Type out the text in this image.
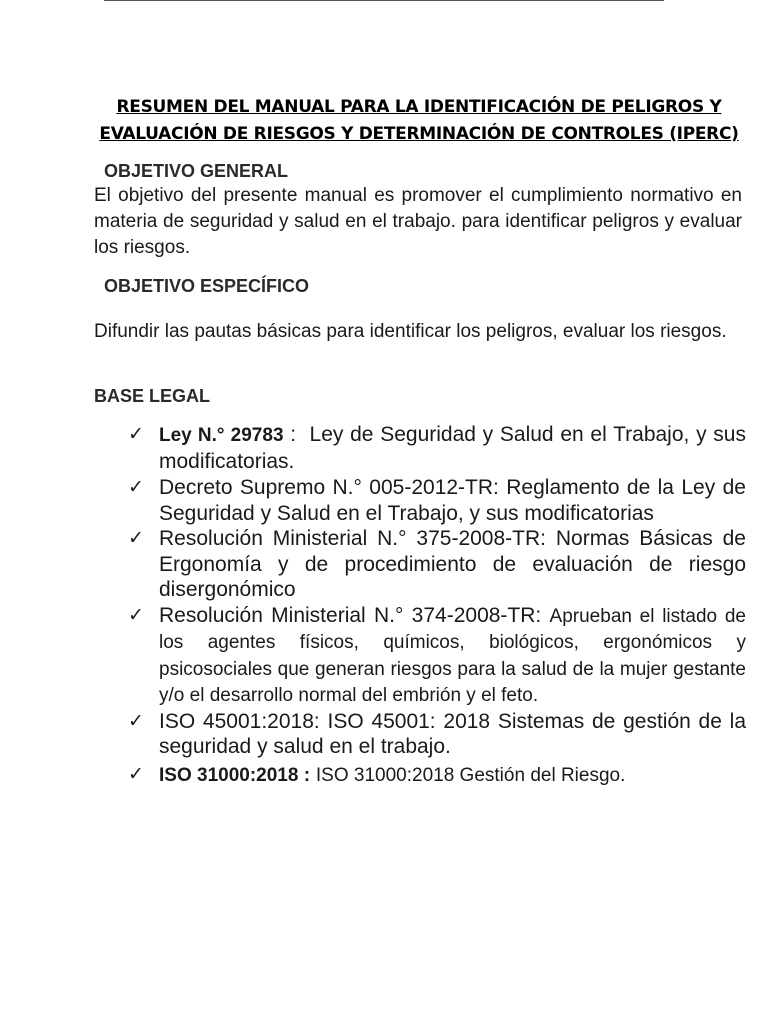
RESUMEN DEL MANUAL PARA LA IDENTIFICACIÓN DE PELIGROS Y EVALUACIÓN DE RIESGOS Y DETERMINACIÓN DE CONTROLES (IPERC)
OBJETIVO GENERAL
El objetivo del presente manual es promover el cumplimiento normativo en materia de seguridad y salud en el trabajo. para identificar peligros y evaluar los riesgos.
OBJETIVO ESPECÍFICO
Difundir las pautas básicas para identificar los peligros, evaluar los riesgos.
BASE LEGAL
✓ Ley N.° 29783 :  Ley de Seguridad y Salud en el Trabajo, y sus modificatorias.
✓ Decreto Supremo N.° 005-2012-TR: Reglamento de la Ley de Seguridad y Salud en el Trabajo, y sus modificatorias
✓ Resolución Ministerial N.° 375-2008-TR: Normas Básicas de Ergonomía y de procedimiento de evaluación de riesgo disergonómico
✓ Resolución Ministerial N.° 374-2008-TR: Aprueban el listado de los agentes físicos, químicos, biológicos, ergonómicos y psicosociales que generan riesgos para la salud de la mujer gestante y/o el desarrollo normal del embrión y el feto.
✓ ISO 45001:2018: ISO 45001: 2018 Sistemas de gestión de la seguridad y salud en el trabajo.
✓ ISO 31000:2018 : ISO 31000:2018 Gestión del Riesgo.
